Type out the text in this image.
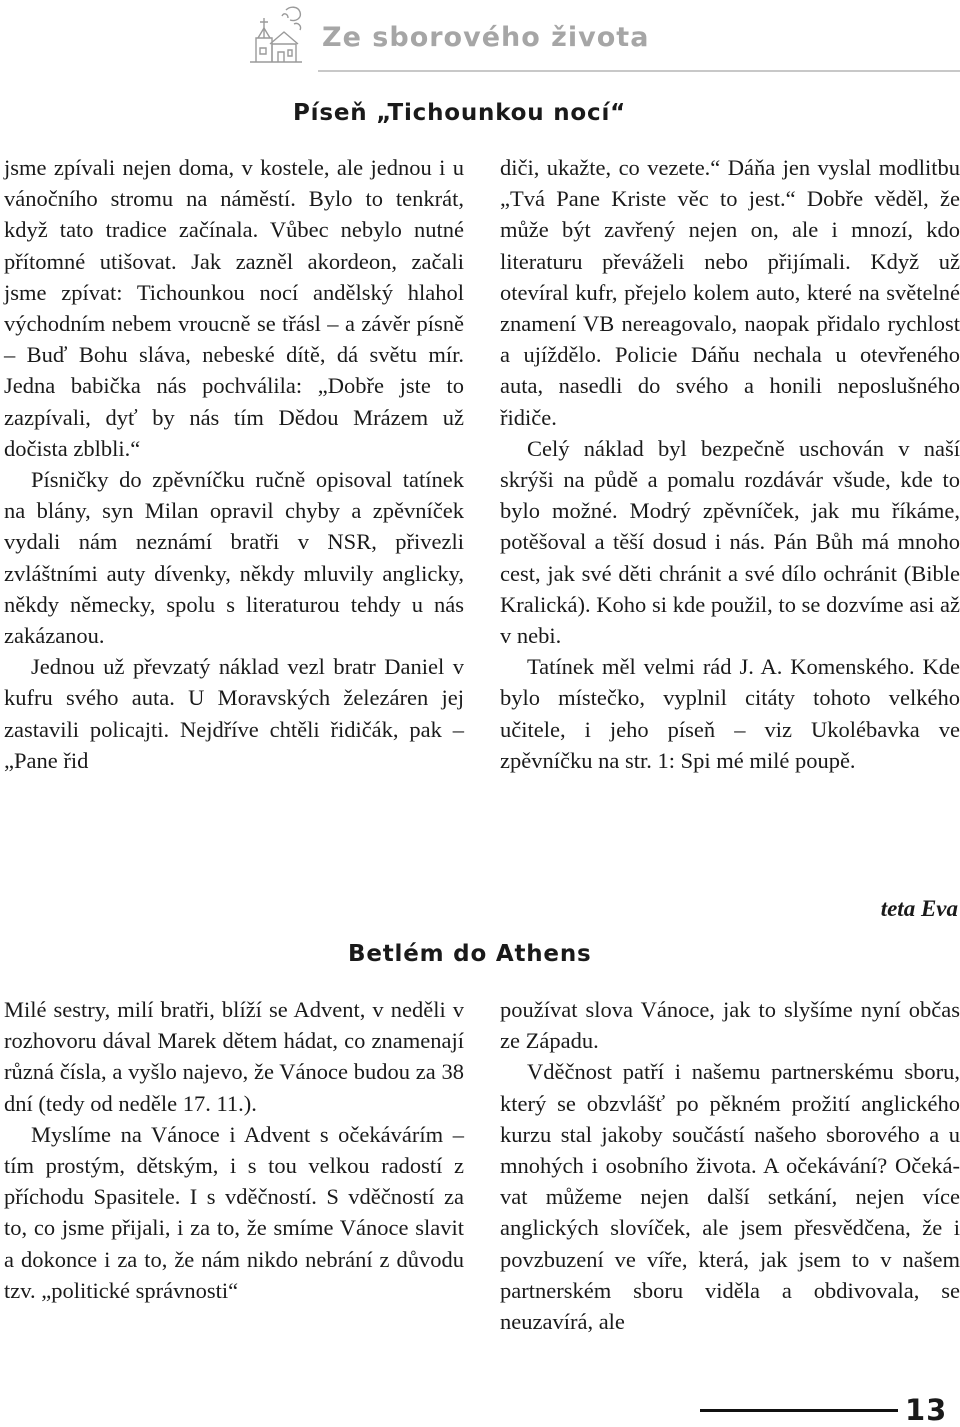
Ze sborového života
Píseň „Tichounkou nocí“

jsme zpívali nejen doma, v kostele, ale jednou i u vánočního stromu na náměstí. Bylo to tenkrát, když tato tradice začínala. Vůbec nebylo nutné přítomné utišovat. Jak zazněl akordeon, začali jsme zpívat: Tichounkou nocí andělský hlahol východním nebem vroucně se třásl – a závěr písně – Buď Bohu sláva, nebeské dítě, dá světu mír. Jedna babička nás pochválila: „Dobře jste to zazpívali, dyť by nás tím Dědou Mrázem už dočista zblbli.“

Písničky do zpěvníčku ručně opisoval tatínek na blány, syn Milan opravil chyby a zpěvníček vydali nám neznámí bratři v NSR, přivezli zvláštními auty dívenky, někdy mluvily anglicky, někdy německy, spolu s literaturou tehdy u nás zakázanou.

Jednou už převzatý náklad vezl bratr Daniel v kufru svého auta. U Moravských železáren jej zastavili policajti. Nejdříve chtěli řidičák, pak – „Pane řid

diči, ukažte, co vezete.“ Dáňa jen vyslal modlitbu „Tvá Pane Kriste věc to jest.“ Dobře věděl, že může být zavřený nejen on, ale i mnozí, kdo literaturu převáželi nebo přijímali. Když už otevíral kufr, přejelo kolem auto, které na světelné znamení VB nereagovalo, naopak přidalo rychlost a ujíždělo. Policie Dáňu nechala u otevřeného auta, nasedli do svého a honili neposlušného řidiče.

Celý náklad byl bezpečně uschován v naší skrýši na půdě a pomalu rozdávár všude, kde to bylo možné. Modrý zpěvníček, jak mu říkáme, potěšoval a těší dosud i nás. Pán Bůh má mnoho cest, jak své děti chránit a své dílo ochránit (Bible Kralická). Koho si kde použil, to se dozvíme asi až v nebi.

Tatínek měl velmi rád J. A. Komenského. Kde bylo místečko, vyplnil citáty tohoto velkého učitele, i jeho píseň – viz Ukolébavka ve zpěvníčku na str. 1: Spi mé milé poupě.

teta Eva
Betlém do Athens

Milé sestry, milí bratři, blíží se Advent, v neděli v rozhovoru dával Marek dětem hádat, co znamenají různá čísla, a vyšlo najevo, že Vánoce budou za 38 dní (tedy od neděle 17. 11.).

Myslíme na Vánoce i Advent s očekávárím – tím prostým, dětským, i s tou velkou radostí z příchodu Spasitele. I s vděčností. S vděčností za to, co jsme přijali, i za to, že smíme Vánoce slavit a dokonce i za to, že nám nikdo nebrání z důvodu tzv. „politické správnosti“

používat slova Vánoce, jak to slyšíme nyní občas ze Západu.

Vděčnost patří i našemu partnerskému sboru, který se obzvlášť po pěkném prožití anglického kurzu stal jakoby součástí našeho sborového a u mnohých i osobního života. A očekávání? Očekávat můžeme nejen další setkání, nejen více anglických slovíček, ale jsem přesvědčena, že i povzbuzení ve víře, která, jak jsem to v našem partnerském sboru viděla a obdivovala, se neuzavírá, ale

13
